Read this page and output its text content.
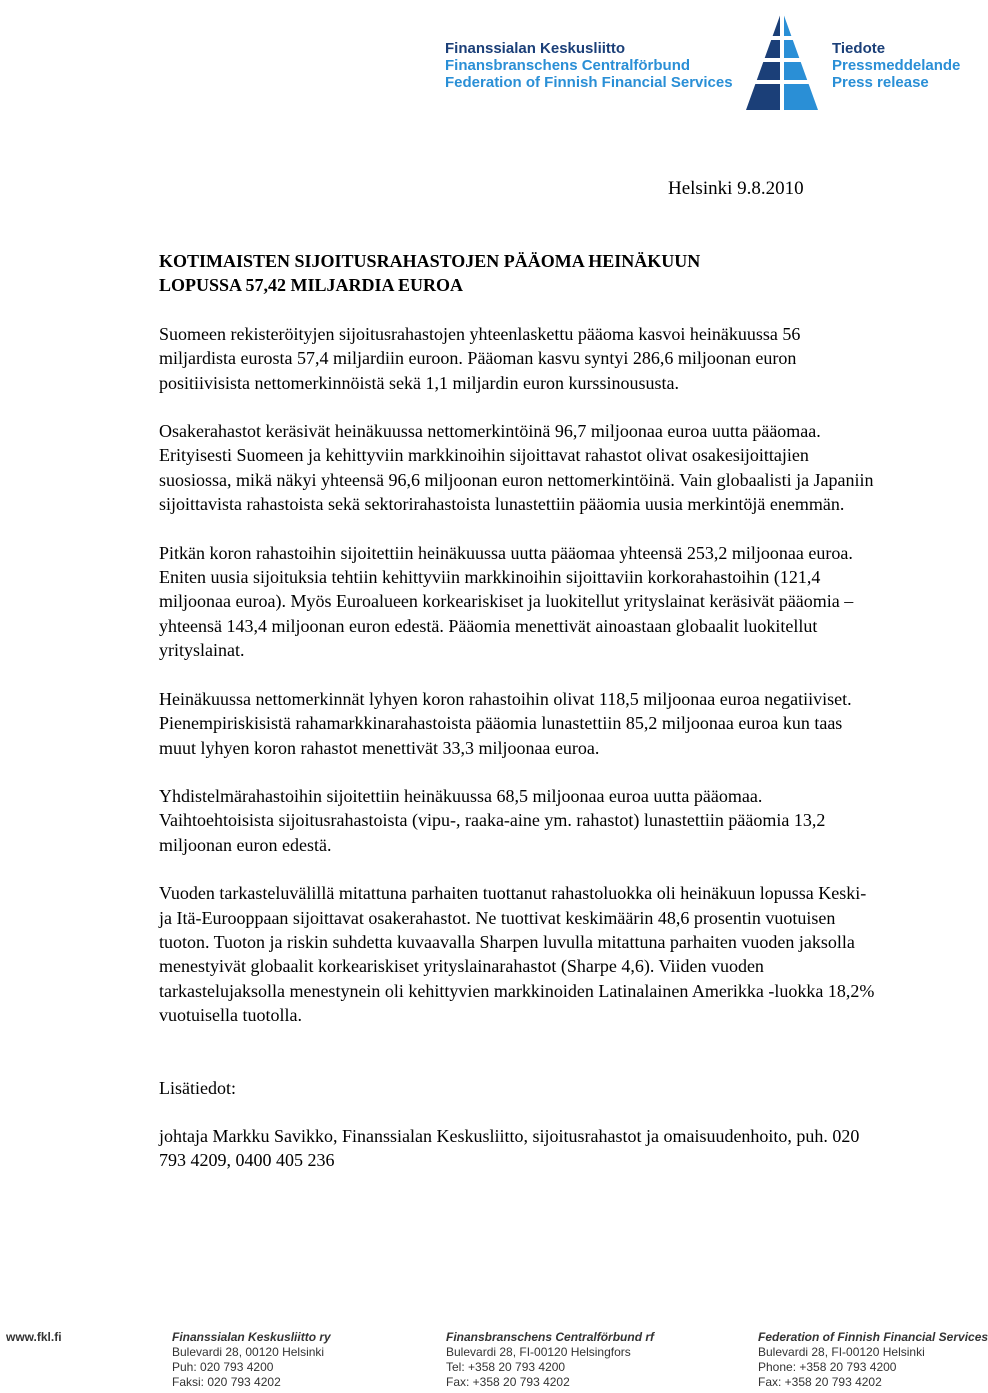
Finanssialan Keskusliitto
Finansbranschens Centralförbund
Federation of Finnish Financial Services
Tiedote
Pressmeddelande
Press release
Helsinki 9.8.2010
KOTIMAISTEN SIJOITUSRAHASTOJEN PÄÄOMA HEINÄKUUN
LOPUSSA 57,42 MILJARDIA EUROA

Suomeen rekisteröityjen sijoitusrahastojen yhteenlaskettu pääoma kasvoi heinäkuussa 56 miljardista eurosta 57,4 miljardiin euroon. Pääoman kasvu syntyi 286,6 miljoonan euron positiivisista nettomerkinnöistä sekä 1,1 miljardin euron kurssinoususta.

Osakerahastot keräsivät heinäkuussa nettomerkintöinä 96,7 miljoonaa euroa uutta pääomaa. Erityisesti Suomeen ja kehittyviin markkinoihin sijoittavat rahastot olivat osakesijoittajien suosiossa, mikä näkyi yhteensä 96,6 miljoonan euron nettomerkintöinä. Vain globaalisti ja Japaniin sijoittavista rahastoista sekä sektorirahastoista lunastettiin pääomia uusia merkintöjä enemmän.

Pitkän koron rahastoihin sijoitettiin heinäkuussa uutta pääomaa yhteensä 253,2 miljoonaa euroa. Eniten uusia sijoituksia tehtiin kehittyviin markkinoihin sijoittaviin korkorahastoihin (121,4 miljoonaa euroa). Myös Euroalueen korkeariskiset ja luokitellut yrityslainat keräsivät pääomia – yhteensä 143,4 miljoonan euron edestä. Pääomia menettivät ainoastaan globaalit luokitellut yrityslainat.

Heinäkuussa nettomerkinnät lyhyen koron rahastoihin olivat 118,5 miljoonaa euroa negatiiviset. Pienempiriskisistä rahamarkkinarahastoista pääomia lunastettiin 85,2 miljoonaa euroa kun taas muut lyhyen koron rahastot menettivät 33,3 miljoonaa euroa.

Yhdistelmärahastoihin sijoitettiin heinäkuussa 68,5 miljoonaa euroa uutta pääomaa. Vaihtoehtoisista sijoitusrahastoista (vipu-, raaka-aine ym. rahastot) lunastettiin pääomia 13,2 miljoonan euron edestä.

Vuoden tarkasteluvälillä mitattuna parhaiten tuottanut rahastoluokka oli heinäkuun lopussa Keski- ja Itä-Eurooppaan sijoittavat osakerahastot. Ne tuottivat keskimäärin 48,6 prosentin vuotuisen tuoton. Tuoton ja riskin suhdetta kuvaavalla Sharpen luvulla mitattuna parhaiten vuoden jaksolla menestyivät globaalit korkeariskiset yrityslainarahastot (Sharpe 4,6). Viiden vuoden tarkastelujaksolla menestynein oli kehittyvien markkinoiden Latinalainen Amerikka -luokka 18,2% vuotuisella tuotolla.

Lisätiedot:

johtaja Markku Savikko, Finanssialan Keskusliitto, sijoitusrahastot ja omaisuudenhoito, puh. 020 793 4209, 0400 405 236

www.fkl.fi	Finanssialan Keskusliitto ry
Bulevardi 28, 00120 Helsinki
Puh: 020 793 4200
Faksi: 020 793 4202
Finansbranschens Centralförbund rf
Bulevardi 28, FI-00120 Helsingfors
Tel: +358 20 793 4200
Fax: +358 20 793 4202
Federation of Finnish Financial Services
Bulevardi 28, FI-00120 Helsinki
Phone: +358 20 793 4200
Fax: +358 20 793 4202
